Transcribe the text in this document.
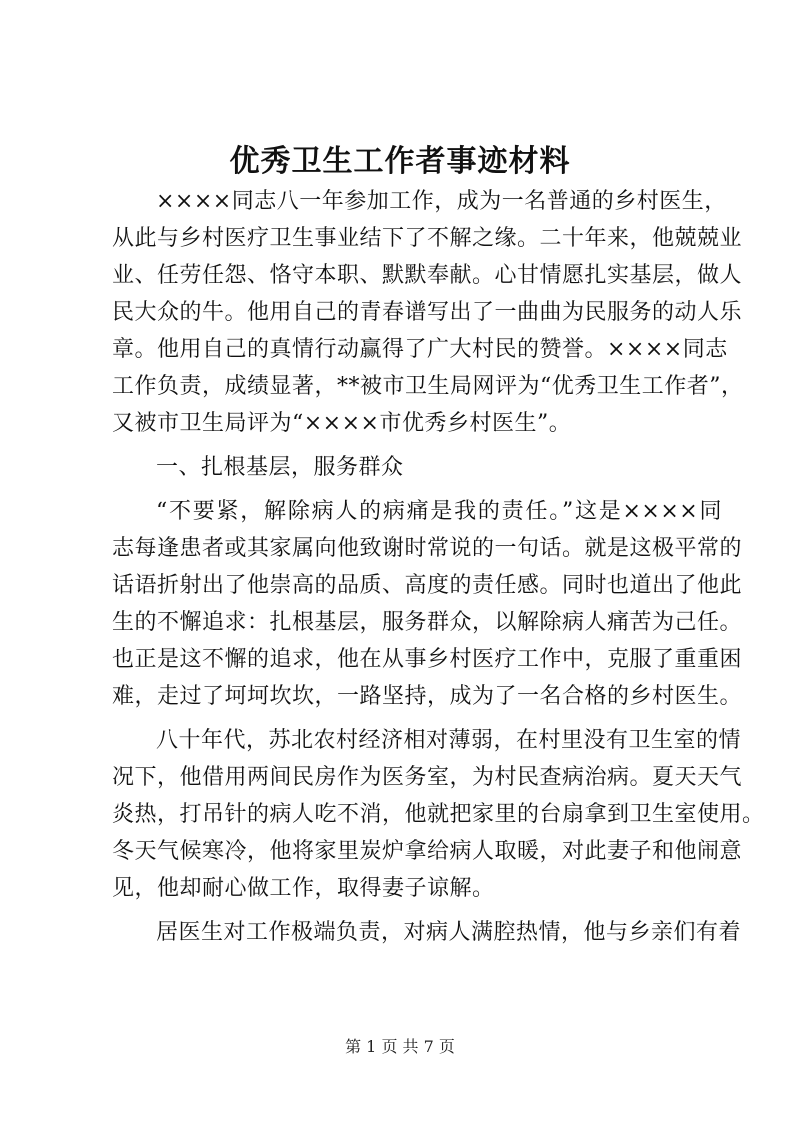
优秀卫生工作者事迹材料
××××同志八一年参加工作，成为一名普通的乡村医生，
从此与乡村医疗卫生事业结下了不解之缘。二十年来，他兢兢业
业、任劳任怨、恪守本职、默默奉献。心甘情愿扎实基层，做人
民大众的牛。他用自己的青春谱写出了一曲曲为民服务的动人乐
章。他用自己的真情行动赢得了广大村民的赞誉。××××同志
工作负责，成绩显著，**被市卫生局网评为“优秀卫生工作者”，
又被市卫生局评为“××××市优秀乡村医生”。
一、扎根基层，服务群众
“不要紧，解除病人的病痛是我的责任。”这是××××同
志每逢患者或其家属向他致谢时常说的一句话。就是这极平常的
话语折射出了他崇高的品质、高度的责任感。同时也道出了他此
生的不懈追求：扎根基层，服务群众，以解除病人痛苦为己任。
也正是这不懈的追求，他在从事乡村医疗工作中，克服了重重困
难，走过了坷坷坎坎，一路坚持，成为了一名合格的乡村医生。
八十年代，苏北农村经济相对薄弱，在村里没有卫生室的情
况下，他借用两间民房作为医务室，为村民查病治病。夏天天气
炎热，打吊针的病人吃不消，他就把家里的台扇拿到卫生室使用。
冬天气候寒冷，他将家里炭炉拿给病人取暖，对此妻子和他闹意
见，他却耐心做工作，取得妻子谅解。
居医生对工作极端负责，对病人满腔热情，他与乡亲们有着
第 1 页 共 7 页
